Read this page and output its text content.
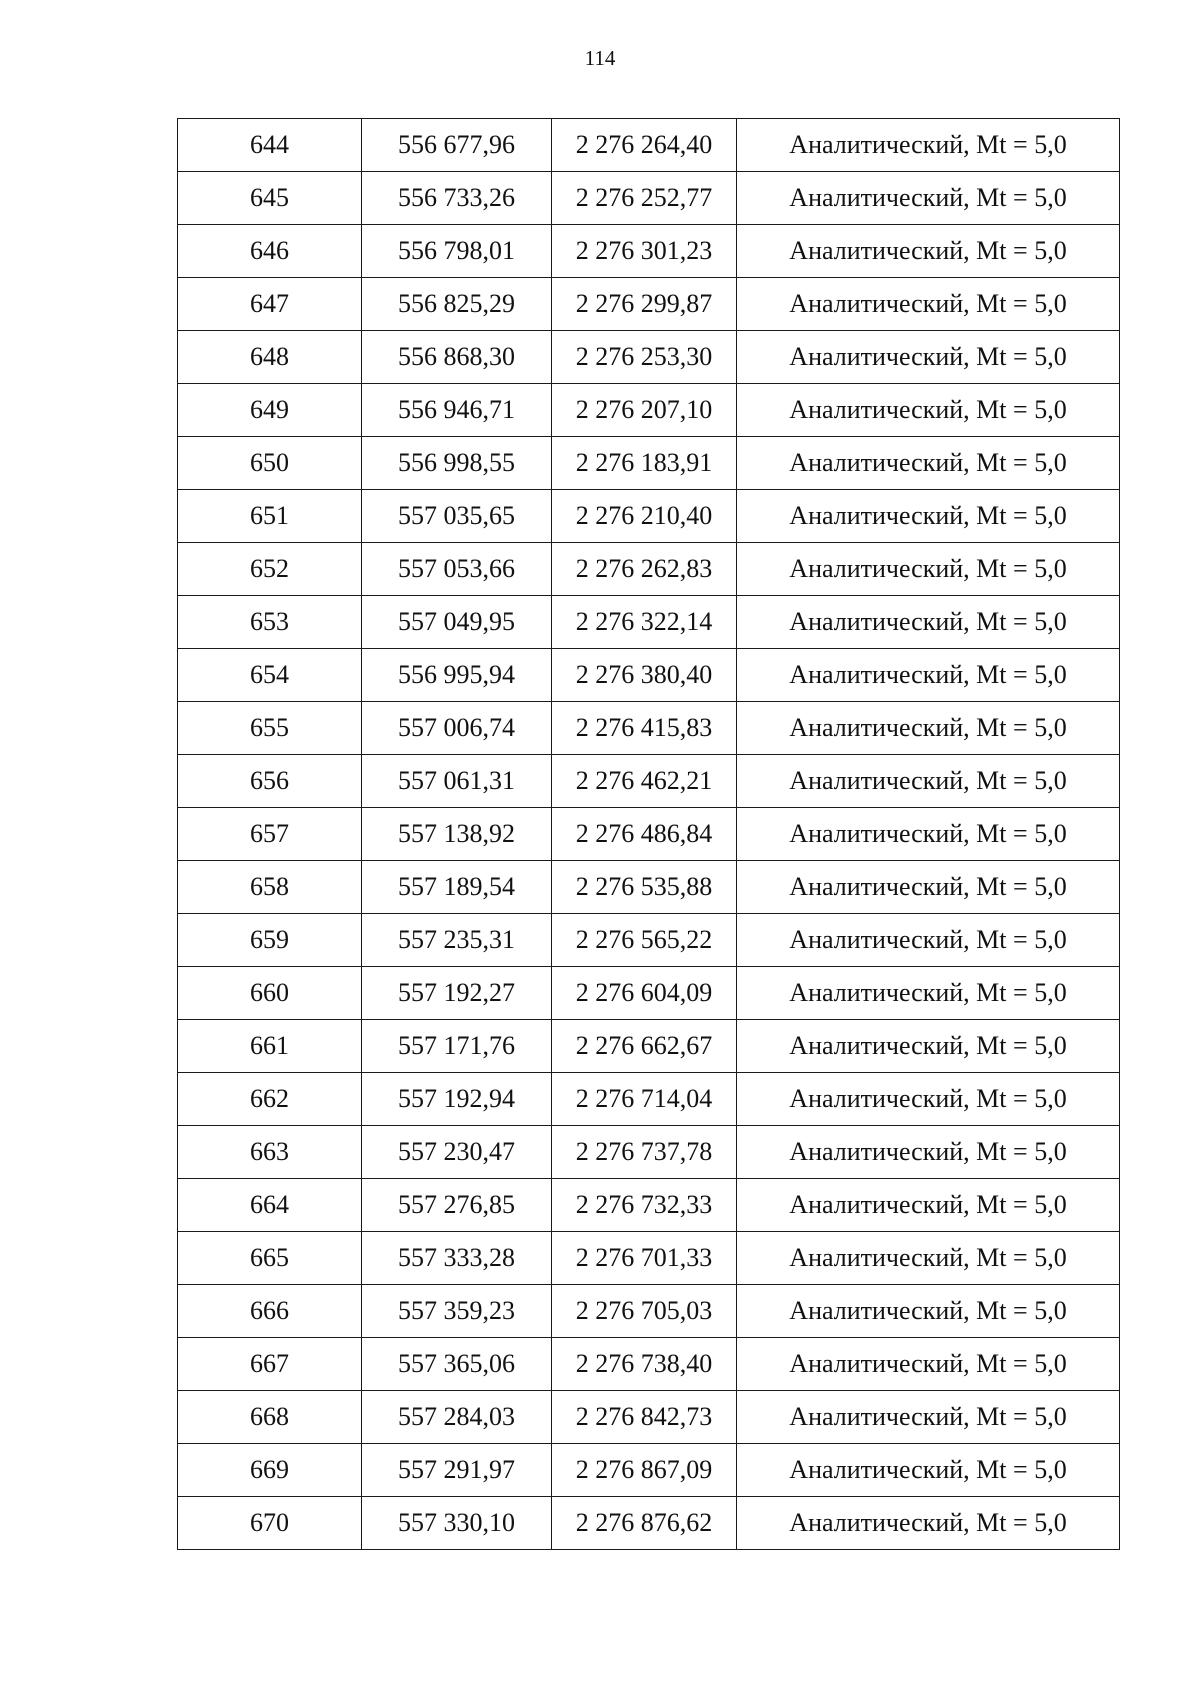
114
644	556 677,96	2 276 264,40	Аналитический, Mt = 5,0
645	556 733,26	2 276 252,77	Аналитический, Mt = 5,0
646	556 798,01	2 276 301,23	Аналитический, Mt = 5,0
647	556 825,29	2 276 299,87	Аналитический, Mt = 5,0
648	556 868,30	2 276 253,30	Аналитический, Mt = 5,0
649	556 946,71	2 276 207,10	Аналитический, Mt = 5,0
650	556 998,55	2 276 183,91	Аналитический, Mt = 5,0
651	557 035,65	2 276 210,40	Аналитический, Mt = 5,0
652	557 053,66	2 276 262,83	Аналитический, Mt = 5,0
653	557 049,95	2 276 322,14	Аналитический, Mt = 5,0
654	556 995,94	2 276 380,40	Аналитический, Mt = 5,0
655	557 006,74	2 276 415,83	Аналитический, Mt = 5,0
656	557 061,31	2 276 462,21	Аналитический, Mt = 5,0
657	557 138,92	2 276 486,84	Аналитический, Mt = 5,0
658	557 189,54	2 276 535,88	Аналитический, Mt = 5,0
659	557 235,31	2 276 565,22	Аналитический, Mt = 5,0
660	557 192,27	2 276 604,09	Аналитический, Mt = 5,0
661	557 171,76	2 276 662,67	Аналитический, Mt = 5,0
662	557 192,94	2 276 714,04	Аналитический, Mt = 5,0
663	557 230,47	2 276 737,78	Аналитический, Mt = 5,0
664	557 276,85	2 276 732,33	Аналитический, Mt = 5,0
665	557 333,28	2 276 701,33	Аналитический, Mt = 5,0
666	557 359,23	2 276 705,03	Аналитический, Mt = 5,0
667	557 365,06	2 276 738,40	Аналитический, Mt = 5,0
668	557 284,03	2 276 842,73	Аналитический, Mt = 5,0
669	557 291,97	2 276 867,09	Аналитический, Mt = 5,0
670	557 330,10	2 276 876,62	Аналитический, Mt = 5,0
